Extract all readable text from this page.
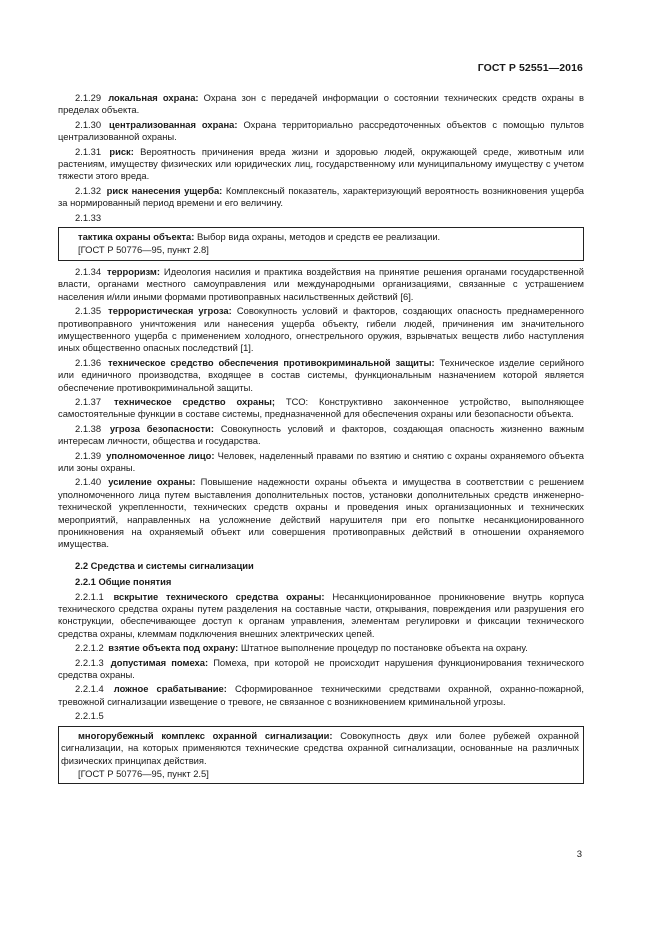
ГОСТ Р 52551—2016
2.1.29 локальная охрана: Охрана зон с передачей информации о состоянии технических средств охраны в пределах объекта.
2.1.30 централизованная охрана: Охрана территориально рассредоточенных объектов с помощью пультов централизованной охраны.
2.1.31 риск: Вероятность причинения вреда жизни и здоровью людей, окружающей среде, животным или растениям, имуществу физических или юридических лиц, государственному или муниципальному имуществу с учетом тяжести этого вреда.
2.1.32 риск нанесения ущерба: Комплексный показатель, характеризующий вероятность возникновения ущерба за нормированный период времени и его величину.
2.1.33
тактика охраны объекта: Выбор вида охраны, методов и средств ее реализации.
[ГОСТ Р 50776—95, пункт 2.8]
2.1.34 терроризм: Идеология насилия и практика воздействия на принятие решения органами государственной власти, органами местного самоуправления или международными организациями, связанные с устрашением населения и/или иными формами противоправных насильственных действий [6].
2.1.35 террористическая угроза: Совокупность условий и факторов, создающих опасность преднамеренного противоправного уничтожения или нанесения ущерба объекту, гибели людей, причинения им значительного имущественного ущерба с применением холодного, огнестрельного оружия, взрывчатых веществ либо наступления иных общественно опасных последствий [1].
2.1.36 техническое средство обеспечения противокриминальной защиты: Техническое изделие серийного или единичного производства, входящее в состав системы, функциональным назначением которой является обеспечение противокриминальной защиты.
2.1.37 техническое средство охраны; ТСО: Конструктивно законченное устройство, выполняющее самостоятельные функции в составе системы, предназначенной для обеспечения охраны или безопасности объекта.
2.1.38 угроза безопасности: Совокупность условий и факторов, создающая опасность жизненно важным интересам личности, общества и государства.
2.1.39 уполномоченное лицо: Человек, наделенный правами по взятию и снятию с охраны охраняемого объекта или зоны охраны.
2.1.40 усиление охраны: Повышение надежности охраны объекта и имущества в соответствии с решением уполномоченного лица путем выставления дополнительных постов, установки дополнительных средств инженерно-технической укрепленности, технических средств охраны и проведения иных организационных и технических мероприятий, направленных на усложнение действий нарушителя при его попытке несанкционированного проникновения на охраняемый объект или совершения противоправных действий в отношении охраняемого имущества.
2.2 Средства и системы сигнализации
2.2.1 Общие понятия
2.2.1.1 вскрытие технического средства охраны: Несанкционированное проникновение внутрь корпуса технического средства охраны путем разделения на составные части, открывания, повреждения или разрушения его конструкции, обеспечивающее доступ к органам управления, элементам регулировки и фиксации технического средства охраны, клеммам подключения внешних электрических цепей.
2.2.1.2 взятие объекта под охрану: Штатное выполнение процедур по постановке объекта на охрану.
2.2.1.3 допустимая помеха: Помеха, при которой не происходит нарушения функционирования технического средства охраны.
2.2.1.4 ложное срабатывание: Сформированное техническими средствами охранной, охранно-пожарной, тревожной сигнализации извещение о тревоге, не связанное с возникновением криминальной угрозы.
2.2.1.5
многорубежный комплекс охранной сигнализации: Совокупность двух или более рубежей охранной сигнализации, на которых применяются технические средства охранной сигнализации, основанные на различных физических принципах действия.
[ГОСТ Р 50776—95, пункт 2.5]
3
